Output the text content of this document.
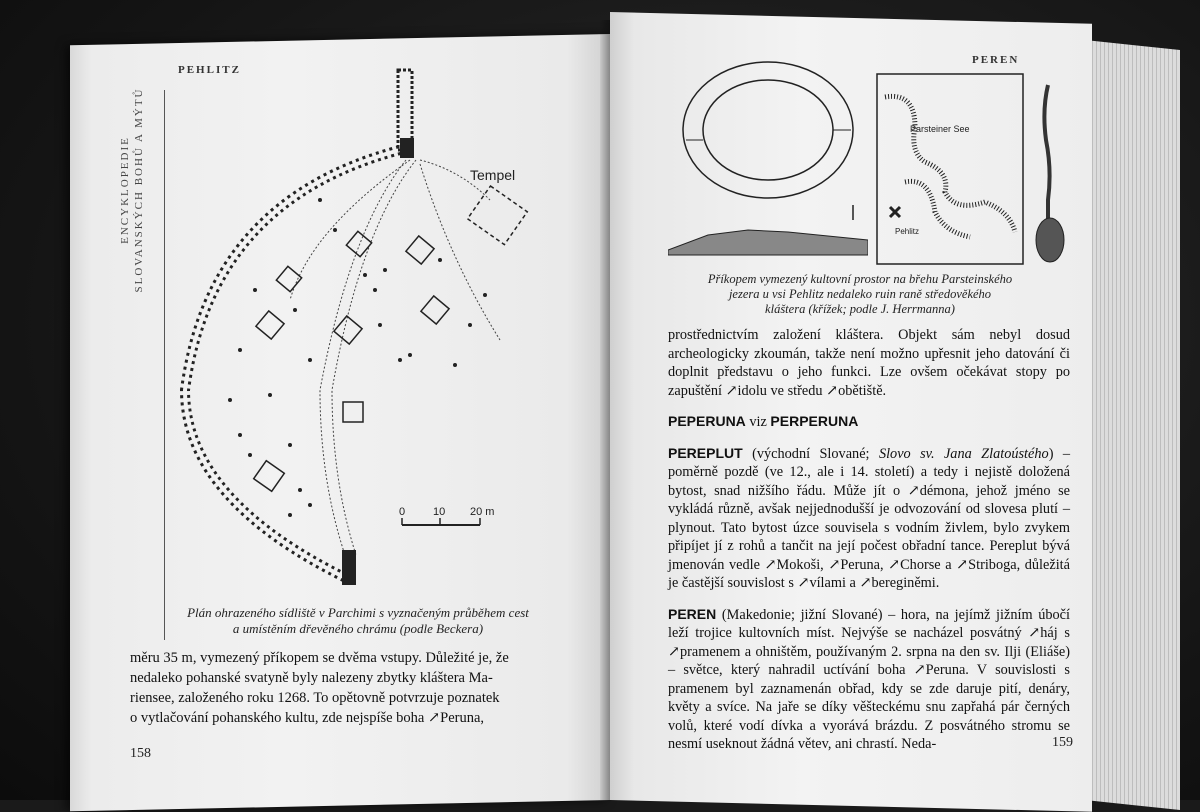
PEHLITZ
ENCYKLOPEDIE SLOVANSKÝCH BOHŮ A MÝTŮ	Tempel
0	10 20 m
Plán ohrazeného sídliště v Parchimi s vyznačeným průběhem cest
a umístěním dřevěného chrámu (podle Beckera)
měru 35 m, vymezený příkopem se dvěma vstupy. Důležité je, že
nedaleko pohanské svatyně byly nalezeny zbytky kláštera Ma-
riensee, založeného roku 1268. To opětovně potvrzuje poznatek
o vytlačování pohanského kultu, zde nejspíše boha ↗Peruna,
158
PEREN
Parsteiner See
Pehlitz
Příkopem vymezený kultovní prostor na břehu Parsteinského
jezera u vsi Pehlitz nedaleko ruin raně středověkého
kláštera (křížek; podle J. Herrmanna)

prostřednictvím založení kláštera. Objekt sám nebyl dosud archeologicky zkoumán, takže není možno upřesnit jeho datování či doplnit představu o jeho funkci. Lze ovšem očekávat stopy po zapuštění ↗idolu ve středu ↗obětiště.

PEPERUNA viz PERPERUNA

PEREPLUT (východní Slované; Slovo sv. Jana Zlatoústého) – poměrně pozdě (ve 12., ale i 14. století) a tedy i nejistě doložená bytost, snad nižšího řádu. Může jít o ↗démona, jehož jméno se vykládá různě, avšak nejjednodušší je odvozování od slovesa plutí – plynout. Tato bytost úzce souvisela s vodním živlem, bylo zvykem připíjet jí z rohů a tančit na její počest obřadní tance. Pereplut bývá jmenován vedle ↗Mokoši, ↗Peruna, ↗Chorse a ↗Striboga, důležitá je častější souvislost s ↗vílami a ↗bereginěmi.

PEREN (Makedonie; jižní Slované) – hora, na jejímž jižním úbočí leží trojice kultovních míst. Nejvýše se nacházel posvátný ↗háj s ↗pramenem a ohništěm, používaným 2. srpna na den sv. Ilji (Eliáše) – světce, který nahradil uctívání boha ↗Peruna. V souvislosti s pramenem byl zaznamenán obřad, kdy se zde daruje pití, denáry, květy a svíce. Na jaře se díky věšteckému snu zapřahá pár černých volů, které vodí dívka a vyorává brázdu. Z posvátného stromu se nesmí useknout žádná větev, ani chrastí. Neda-	159
